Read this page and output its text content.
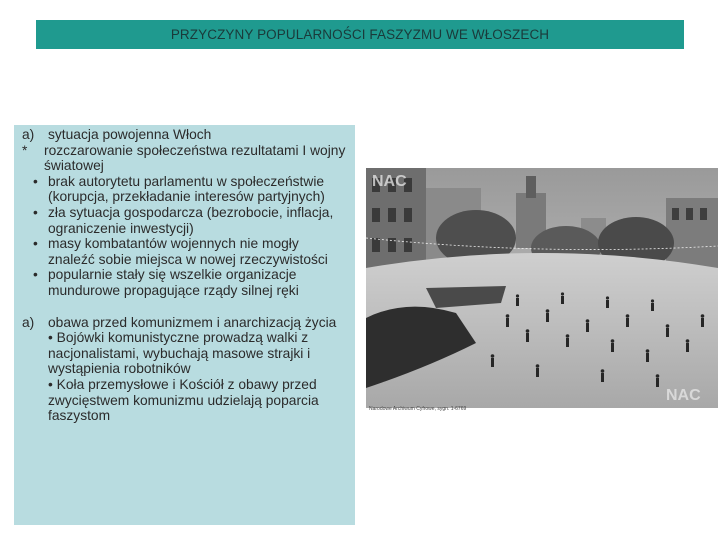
PRZYCZYNY POPULARNOŚCI FASZYZMU WE WŁOSZECH
a) sytuacja powojenna Włoch
*	rozczarowanie społeczeństwa rezultatami I wojny światowej
• brak autorytetu parlamentu w społeczeństwie (korupcja, przekładanie interesów partyjnych)
• zła sytuacja gospodarcza (bezrobocie, inflacja, ograniczenie inwestycji)
• masy kombatantów wojennych nie mogły znaleźć sobie miejsca w nowej rzeczywistości
• popularnie stały się wszelkie organizacje mundurowe propagujące rządy silnej ręki
a) obawa przed komunizmem i anarchizacją życia
• Bojówki komunistyczne prowadzą walki z nacjonalistami, wybuchają masowe strajki i wystąpienia robotników
• Koła przemysłowe i Kościół z obawy przed zwycięstwem komunizmu udzielają poparcia faszystom
NAC
NAC
Narodowe Archiwum Cyfrowe, sygn. 1-6769
